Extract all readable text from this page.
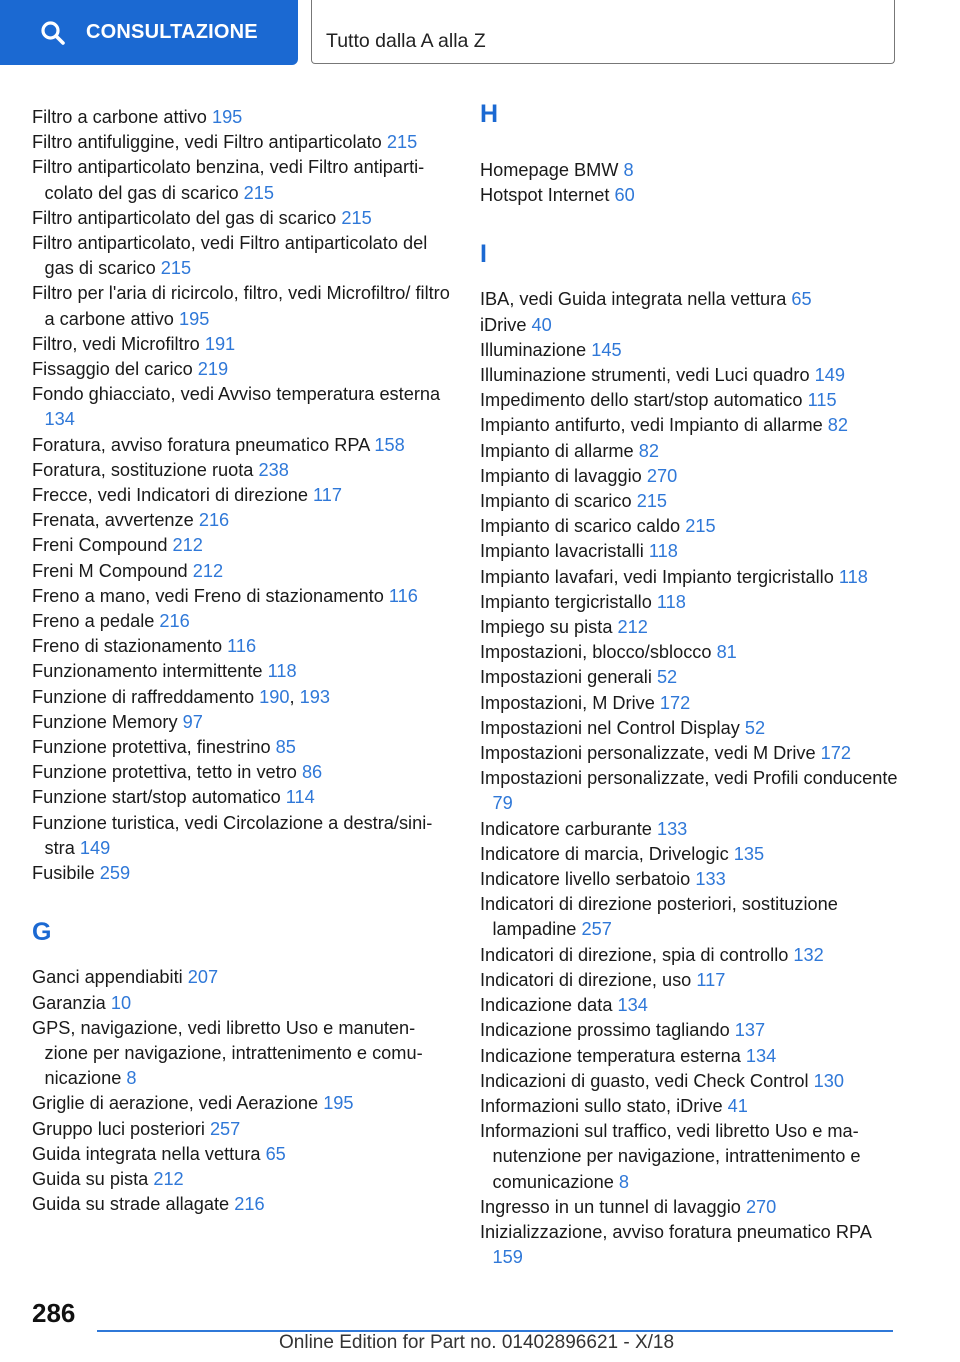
CONSULTAZIONE	Tutto dalla A alla Z
Filtro a carbone attivo 195
Filtro antifuliggine, vedi Filtro antiparticolato 215
Filtro antiparticolato benzina, vedi Filtro antiparticolato del gas di scarico 215
Filtro antiparticolato del gas di scarico 215
Filtro antiparticolato, vedi Filtro antiparticolato del gas di scarico 215
Filtro per l'aria di ricircolo, filtro, vedi Microfiltro/ filtro a carbone attivo 195
Filtro, vedi Microfiltro 191
Fissaggio del carico 219
Fondo ghiacciato, vedi Avviso temperatura esterna 134
Foratura, avviso foratura pneumatico RPA 158
Foratura, sostituzione ruota 238
Frecce, vedi Indicatori di direzione 117
Frenata, avvertenze 216
Freni Compound 212
Freni M Compound 212
Freno a mano, vedi Freno di stazionamento 116
Freno a pedale 216
Freno di stazionamento 116
Funzionamento intermittente 118
Funzione di raffreddamento 190, 193
Funzione Memory 97
Funzione protettiva, finestrino 85
Funzione protettiva, tetto in vetro 86
Funzione start/stop automatico 114
Funzione turistica, vedi Circolazione a destra/sinistra 149
Fusibile 259
G
Ganci appendiabiti 207
Garanzia 10
GPS, navigazione, vedi libretto Uso e manutenzione per navigazione, intrattenimento e comunicazione 8
Griglie di aerazione, vedi Aerazione 195
Gruppo luci posteriori 257
Guida integrata nella vettura 65
Guida su pista 212
Guida su strade allagate 216
H
Homepage BMW 8
Hotspot Internet 60
I
IBA, vedi Guida integrata nella vettura 65
iDrive 40
Illuminazione 145
Illuminazione strumenti, vedi Luci quadro 149
Impedimento dello start/stop automatico 115
Impianto antifurto, vedi Impianto di allarme 82
Impianto di allarme 82
Impianto di lavaggio 270
Impianto di scarico 215
Impianto di scarico caldo 215
Impianto lavacristalli 118
Impianto lavafari, vedi Impianto tergicristallo 118
Impianto tergicristallo 118
Impiego su pista 212
Impostazioni, blocco/sblocco 81
Impostazioni generali 52
Impostazioni, M Drive 172
Impostazioni nel Control Display 52
Impostazioni personalizzate, vedi M Drive 172
Impostazioni personalizzate, vedi Profili conducente 79
Indicatore carburante 133
Indicatore di marcia, Drivelogic 135
Indicatore livello serbatoio 133
Indicatori di direzione posteriori, sostituzione lampadine 257
Indicatori di direzione, spia di controllo 132
Indicatori di direzione, uso 117
Indicazione data 134
Indicazione prossimo tagliando 137
Indicazione temperatura esterna 134
Indicazioni di guasto, vedi Check Control 130
Informazioni sullo stato, iDrive 41
Informazioni sul traffico, vedi libretto Uso e manutenzione per navigazione, intrattenimento e comunicazione 8
Ingresso in un tunnel di lavaggio 270
Inizializzazione, avviso foratura pneumatico RPA 159
286
Online Edition for Part no. 01402896621 - X/18
